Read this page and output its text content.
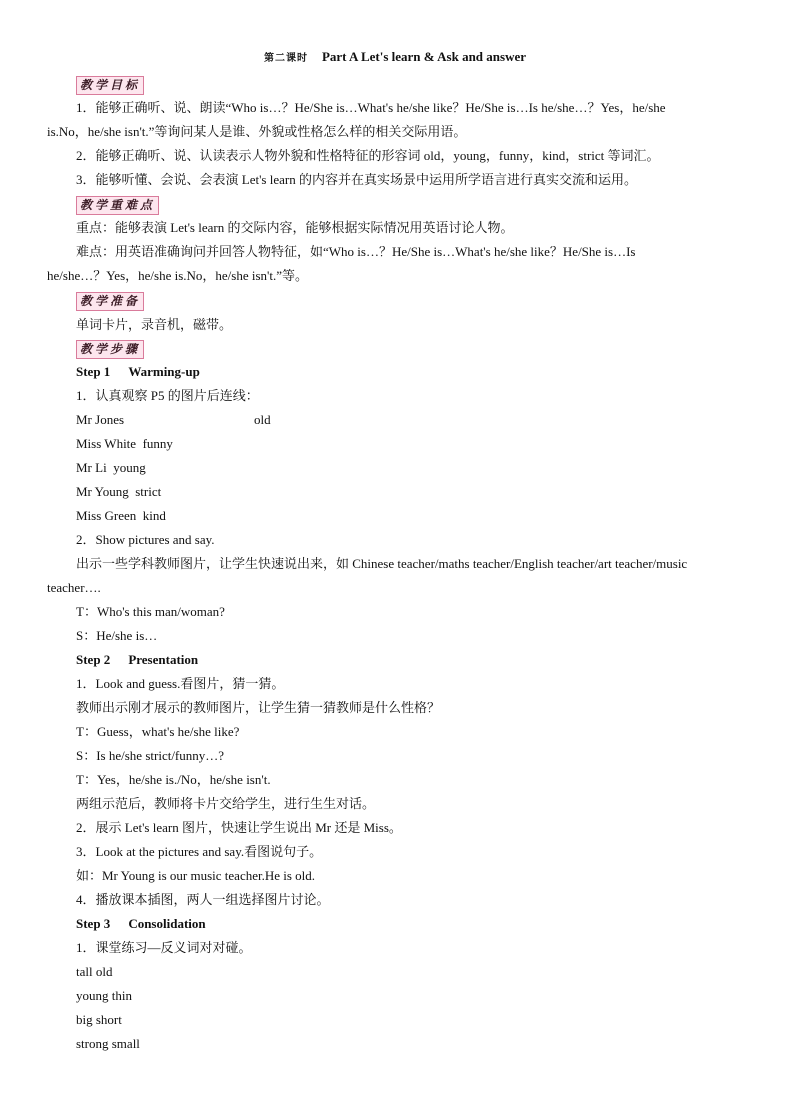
第二课时 Part A Let's learn & Ask and answer
教学目标
1．能够正确听、说、朗读“Who is…？He/She is…What's he/she like？He/She is…Is he/she…？Yes，he/she
is.No，he/she isn't.”等询问某人是谁、外貌或性格怎么样的相关交际用语。
2．能够正确听、说、认读表示人物外貌和性格特征的形容词 old，young，funny，kind，strict 等词汇。
3．能够听懂、会说、会表演 Let's learn 的内容并在真实场景中运用所学语言进行真实交流和运用。
教学重难点
重点：能够表演 Let's learn 的交际内容，能够根据实际情况用英语讨论人物。
难点：用英语准确询问并回答人物特征，如“Who is…？He/She is…What's he/she like？He/She is…Is
he/she…？Yes，he/she is.No，he/she isn't.”等。
教学准备
单词卡片，录音机，磁带。
教学步骤
Step 1 Warming-up
1．认真观察 P5 的图片后连线：
Mr Jones	old
Miss White funny
Mr Li young
Mr Young strict
Miss Green kind
2．Show pictures and say.
出示一些学科教师图片，让学生快速说出来，如 Chinese teacher/maths teacher/English teacher/art teacher/music
teacher….
T：Who's this man/woman?
S：He/she is…
Step 2 Presentation
1．Look and guess.看图片，猜一猜。
教师出示刚才展示的教师图片，让学生猜一猜教师是什么性格？
T：Guess，what's he/she like?
S：Is he/she strict/funny…?
T：Yes，he/she is./No，he/she isn't.
两组示范后，教师将卡片交给学生，进行生生对话。
2．展示 Let's learn 图片，快速让学生说出 Mr 还是 Miss。
3．Look at the pictures and say.看图说句子。
如：Mr Young is our music teacher.He is old.
4．播放课本插图，两人一组选择图片讨论。
Step 3 Consolidation
1．课堂练习—反义词对对碰。
tall old
young thin
big short
strong small
